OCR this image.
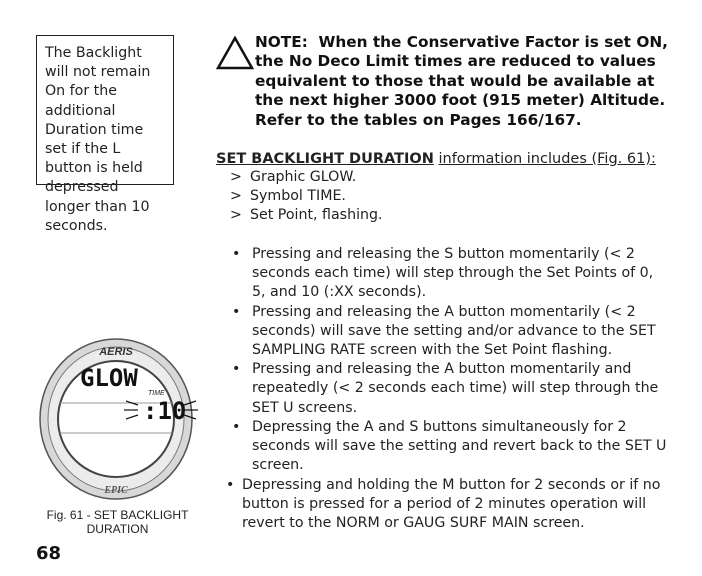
The Backlight will not remain On for the additional Duration time set if the L button is held depressed longer than 10 seconds.
NOTE: When the Conservative Factor is set ON, the No Deco Limit times are reduced to values equivalent to those that would be available at the next higher 3000 foot (915 meter) Altitude. Refer to the tables on Pages 166/167.
SET BACKLIGHT DURATION information includes (Fig. 61):
> Graphic GLOW.
> Symbol TIME.
> Set Point, flashing.
• Pressing and releasing the S button momentarily (< 2 seconds each time) will step through the Set Points of 0, 5, and 10 (:XX seconds).
• Pressing and releasing the A button momentarily (< 2 seconds) will save the setting and/or advance to the SET SAMPLING RATE screen with the Set Point flashing.
• Pressing and releasing the A button momentarily and repeatedly (< 2 seconds each time) will step through the SET U screens.
• Depressing the A and S buttons simultaneously for 2 seconds will save the setting and revert back to the SET U screen.
• Depressing and holding the M button for 2 seconds or if no button is pressed for a period of 2 minutes operation will revert to the NORM or GAUG SURF MAIN screen.
AERIS
GLOW
TIME
:10
EPIC
Fig. 61 - SET BACKLIGHT DURATION
68
